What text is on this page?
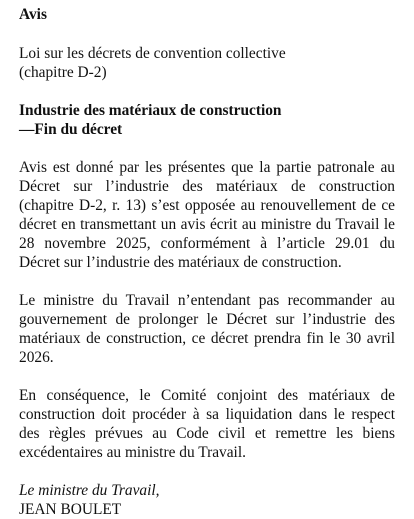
Avis

Loi sur les décrets de convention collective
(chapitre D-2)

Industrie des matériaux de construction
—Fin du décret

Avis est donné par les présentes que la partie patronale au Décret sur l’industrie des matériaux de construction (chapitre D-2, r. 13) s’est opposée au renouvellement de ce décret en transmettant un avis écrit au ministre du Travail le 28 novembre 2025, conformément à l’article 29.01 du Décret sur l’industrie des matériaux de construction.

Le ministre du Travail n’entendant pas recommander au gouvernement de prolonger le Décret sur l’industrie des matériaux de construction, ce décret prendra fin le 30 avril 2026.

En conséquence, le Comité conjoint des matériaux de construction doit procéder à sa liquidation dans le respect des règles prévues au Code civil et remettre les biens excédentaires au ministre du Travail.

Le ministre du Travail,
JEAN BOULET
